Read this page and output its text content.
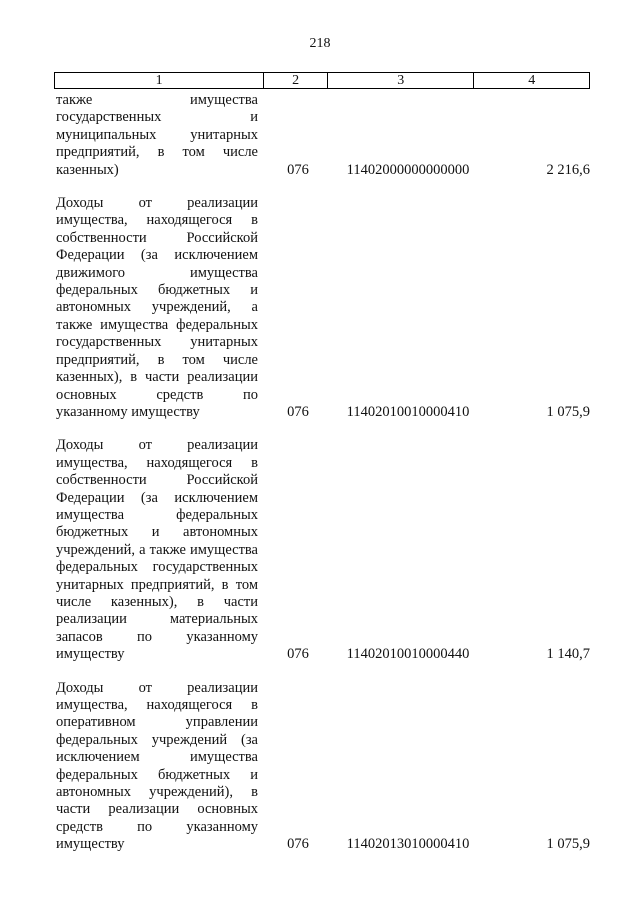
218
1	2	3	4
также имущества государственных и муниципальных унитарных предприятий, в том числе казенных)	076	11402000000000000	2 216,6
Доходы от реализации имущества, находящегося в собственности Российской Федерации (за исключением движимого имущества федеральных бюджетных и автономных учреждений, а также имущества федеральных государственных унитарных предприятий, в том числе казенных), в части реализации основных средств по указанному имуществу	076	11402010010000410	1 075,9
Доходы от реализации имущества, находящегося в собственности Российской Федерации (за исключением имущества федеральных бюджетных и автономных учреждений, а также имущества федеральных государственных унитарных предприятий, в том числе казенных), в части реализации материальных запасов по указанному имуществу	076	11402010010000440	1 140,7
Доходы от реализации имущества, находящегося в оперативном управлении федеральных учреждений (за исключением имущества федеральных бюджетных и автономных учреждений), в части реализации основных средств по указанному имуществу	076	11402013010000410	1 075,9
